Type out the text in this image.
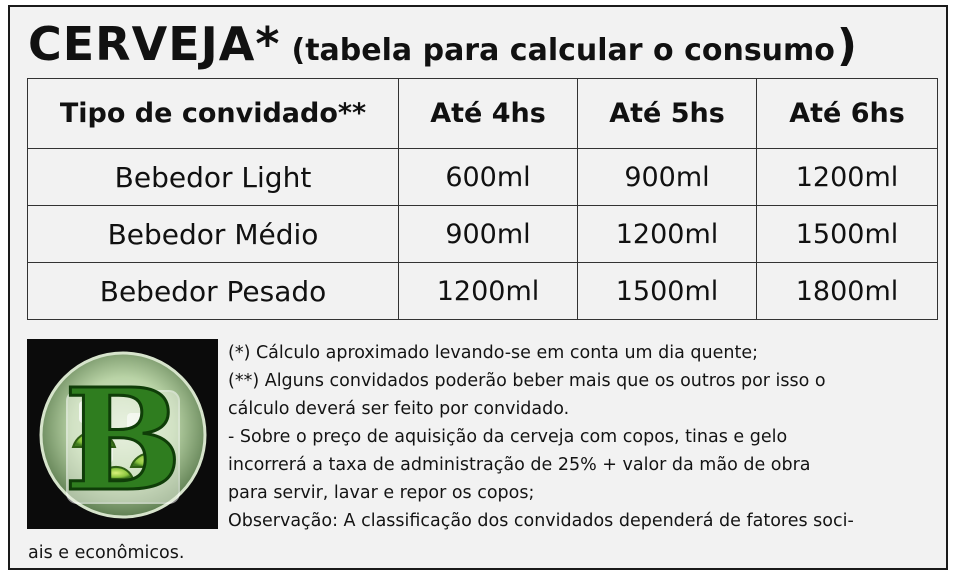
CERVEJA* (tabela para calcular o consumo)
Tipo de convidado**	Até 4hs	Até 5hs	Até 6hs
Bebedor Light	600ml	900ml	1200ml
Bebedor Médio	900ml	1200ml	1500ml
Bebedor Pesado	1200ml	1500ml	1800ml
B
(*) Cálculo aproximado levando-se em conta um dia quente;
(**) Alguns convidados poderão beber mais que os outros por isso o
cálculo deverá ser feito por convidado.
- Sobre o preço de aquisição da cerveja com copos, tinas e gelo
incorrerá a taxa de administração de 25% + valor da mão de obra
para servir, lavar e repor os copos;
Observação: A classificação dos convidados dependerá de fatores soci-
ais e econômicos.
